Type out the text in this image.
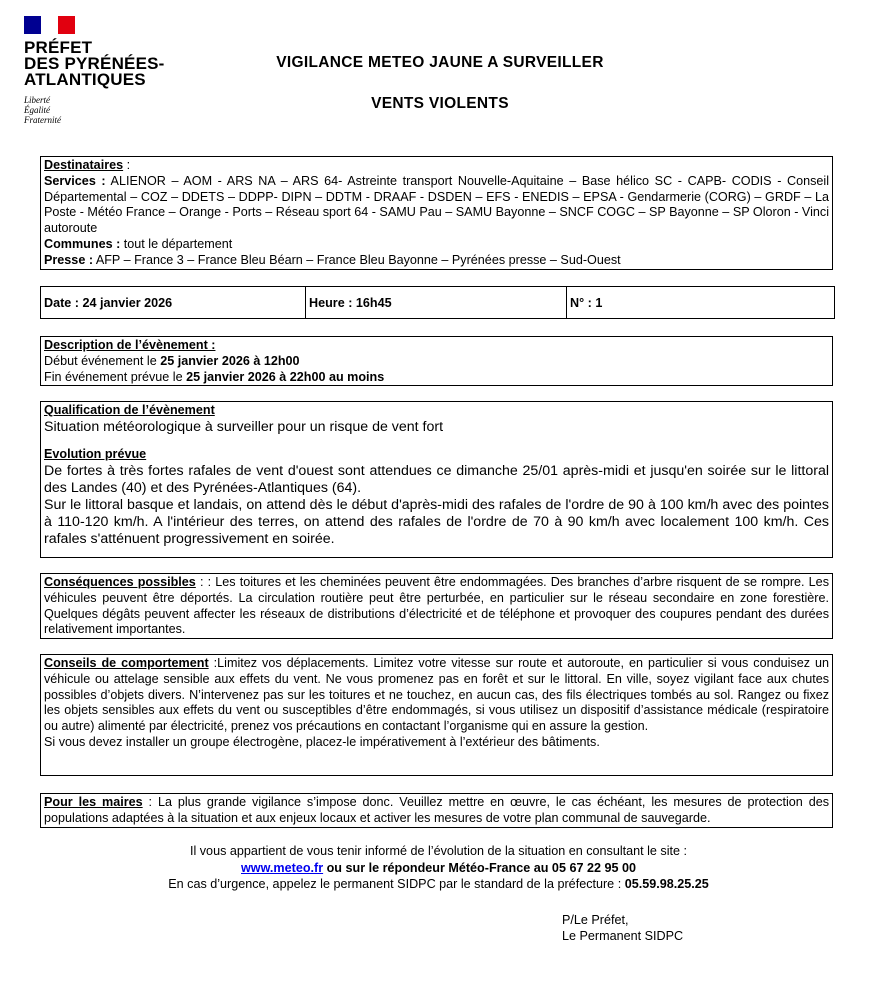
PRÉFET
DES PYRÉNÉES-
ATLANTIQUES
Liberté
Égalité
Fraternité
VIGILANCE METEO JAUNE A SURVEILLER
VENTS VIOLENTS
Destinataires :
Services : ALIENOR – AOM - ARS NA – ARS 64- Astreinte transport Nouvelle-Aquitaine – Base hélico SC - CAPB- CODIS - Conseil Départemental – COZ – DDETS – DDPP- DIPN – DDTM - DRAAF - DSDEN – EFS - ENEDIS – EPSA - Gendarmerie (CORG) – GRDF – La Poste - Météo France – Orange - Ports – Réseau sport 64 - SAMU Pau – SAMU Bayonne – SNCF COGC – SP Bayonne – SP Oloron - Vinci autoroute
Communes : tout le département
Presse : AFP – France 3 – France Bleu Béarn – France Bleu Bayonne – Pyrénées presse – Sud-Ouest
Date : 24 janvier 2026	Heure : 16h45	N° : 1
Description de l’évènement :
Début événement le 25 janvier 2026 à 12h00
Fin événement prévue le 25 janvier 2026 à 22h00 au moins
Qualification de l’évènement

Situation météorologique à surveiller pour un risque de vent fort
Evolution prévue
De fortes à très fortes rafales de vent d'ouest sont attendues ce dimanche 25/01 après-midi et jusqu'en soirée sur le littoral des Landes (40) et des Pyrénées-Atlantiques (64).
Sur le littoral basque et landais, on attend dès le début d'après-midi des rafales de l'ordre de 90 à 100 km/h avec des pointes à 110-120 km/h. A l'intérieur des terres, on attend des rafales de l'ordre de 70 à 90 km/h avec localement 100 km/h. Ces rafales s'atténuent progressivement en soirée.
Conséquences possibles : : Les toitures et les cheminées peuvent être endommagées. Des branches d’arbre risquent de se rompre. Les véhicules peuvent être déportés. La circulation routière peut être perturbée, en particulier sur le réseau secondaire en zone forestière. Quelques dégâts peuvent affecter les réseaux de distributions d’électricité et de téléphone et provoquer des coupures pendant des durées relativement importantes.
Conseils de comportement :Limitez vos déplacements. Limitez votre vitesse sur route et autoroute, en particulier si vous conduisez un véhicule ou attelage sensible aux effets du vent. Ne vous promenez pas en forêt et sur le littoral. En ville, soyez vigilant face aux chutes possibles d’objets divers. N’intervenez pas sur les toitures et ne touchez, en aucun cas, des fils électriques tombés au sol. Rangez ou fixez les objets sensibles aux effets du vent ou susceptibles d’être endommagés, si vous utilisez un dispositif d’assistance médicale (respiratoire ou autre) alimenté par électricité, prenez vos précautions en contactant l’organisme qui en assure la gestion.
Si vous devez installer un groupe électrogène, placez-le impérativement à l’extérieur des bâtiments.
Pour les maires : La plus grande vigilance s’impose donc. Veuillez mettre en œuvre, le cas échéant, les mesures de protection des populations adaptées à la situation et aux enjeux locaux et activer les mesures de votre plan communal de sauvegarde.
Il vous appartient de vous tenir informé de l’évolution de la situation en consultant le site :
www.meteo.fr ou sur le répondeur Météo-France au 05 67 22 95 00
En cas d’urgence, appelez le permanent SIDPC par le standard de la préfecture : 05.59.98.25.25
P/Le Préfet,
Le Permanent SIDPC
